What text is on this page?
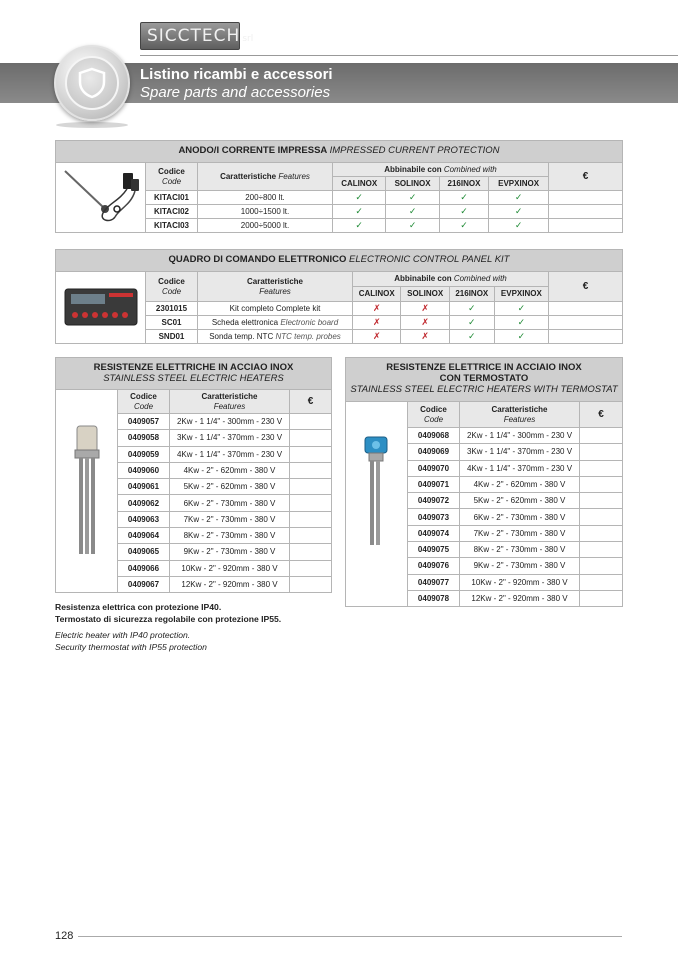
SICCTECH srl
Listino ricambi e accessori
Spare parts and accessories
ANODO/I CORRENTE IMPRESSA IMPRESSED CURRENT PROTECTION							
	Codice
Code	Caratteristiche Features	Abbinabile con Combined with				€
			CALINOX	SOLINOX	216INOX	EVPXINOX	
	KITACI01	200÷800 lt.	✓	✓	✓	✓	
	KITACI02	1000÷1500 lt.	✓	✓	✓	✓	
	KITACI03	2000÷5000 lt.	✓	✓	✓	✓	
QUADRO DI COMANDO ELETTRONICO ELECTRONIC CONTROL PANEL KIT							
	Codice
Code	Caratteristiche
Features	Abbinabile con Combined with				€
			CALINOX	SOLINOX	216INOX	EVPXINOX	
	2301015	Kit completo Complete kit	✗	✗	✓	✓	
	SC01	Scheda elettronica Electronic board	✗	✗	✓	✓	
	SND01	Sonda temp. NTC NTC temp. probes	✗	✗	✓	✓	
RESISTENZE ELETTRICHE IN ACCIAO INOX
STAINLESS STEEL ELECTRIC HEATERS			
	Codice
Code	Caratteristiche
Features	€
	0409057	2Kw - 1 1/4" - 300mm - 230 V	
	0409058	3Kw - 1 1/4" - 370mm - 230 V	
	0409059	4Kw - 1 1/4" - 370mm - 230 V	
	0409060	4Kw - 2" - 620mm - 380 V	
	0409061	5Kw - 2" - 620mm - 380 V	
	0409062	6Kw - 2" - 730mm - 380 V	
	0409063	7Kw - 2" - 730mm - 380 V	
	0409064	8Kw - 2" - 730mm - 380 V	
	0409065	9Kw - 2" - 730mm - 380 V	
	0409066	10Kw - 2" - 920mm - 380 V	
	0409067	12Kw - 2" - 920mm - 380 V	
RESISTENZE ELETTRICE IN ACCIAIO INOX
CON TERMOSTATO
STAINLESS STEEL ELECTRIC HEATERS WITH TERMOSTAT			
	Codice
Code	Caratteristiche
Features	€
	0409068	2Kw - 1 1/4" - 300mm - 230 V	
	0409069	3Kw - 1 1/4" - 370mm - 230 V	
	0409070	4Kw - 1 1/4" - 370mm - 230 V	
	0409071	4Kw - 2" - 620mm - 380 V	
	0409072	5Kw - 2" - 620mm - 380 V	
	0409073	6Kw - 2" - 730mm - 380 V	
	0409074	7Kw - 2" - 730mm - 380 V	
	0409075	8Kw - 2" - 730mm - 380 V	
	0409076	9Kw - 2" - 730mm - 380 V	
	0409077	10Kw - 2" - 920mm - 380 V	
	0409078	12Kw - 2" - 920mm - 380 V	
Resistenza elettrica con protezione IP40.
Termostato di sicurezza regolabile con protezione IP55.
Electric heater with IP40 protection.
Security thermostat with IP55 protection
128
